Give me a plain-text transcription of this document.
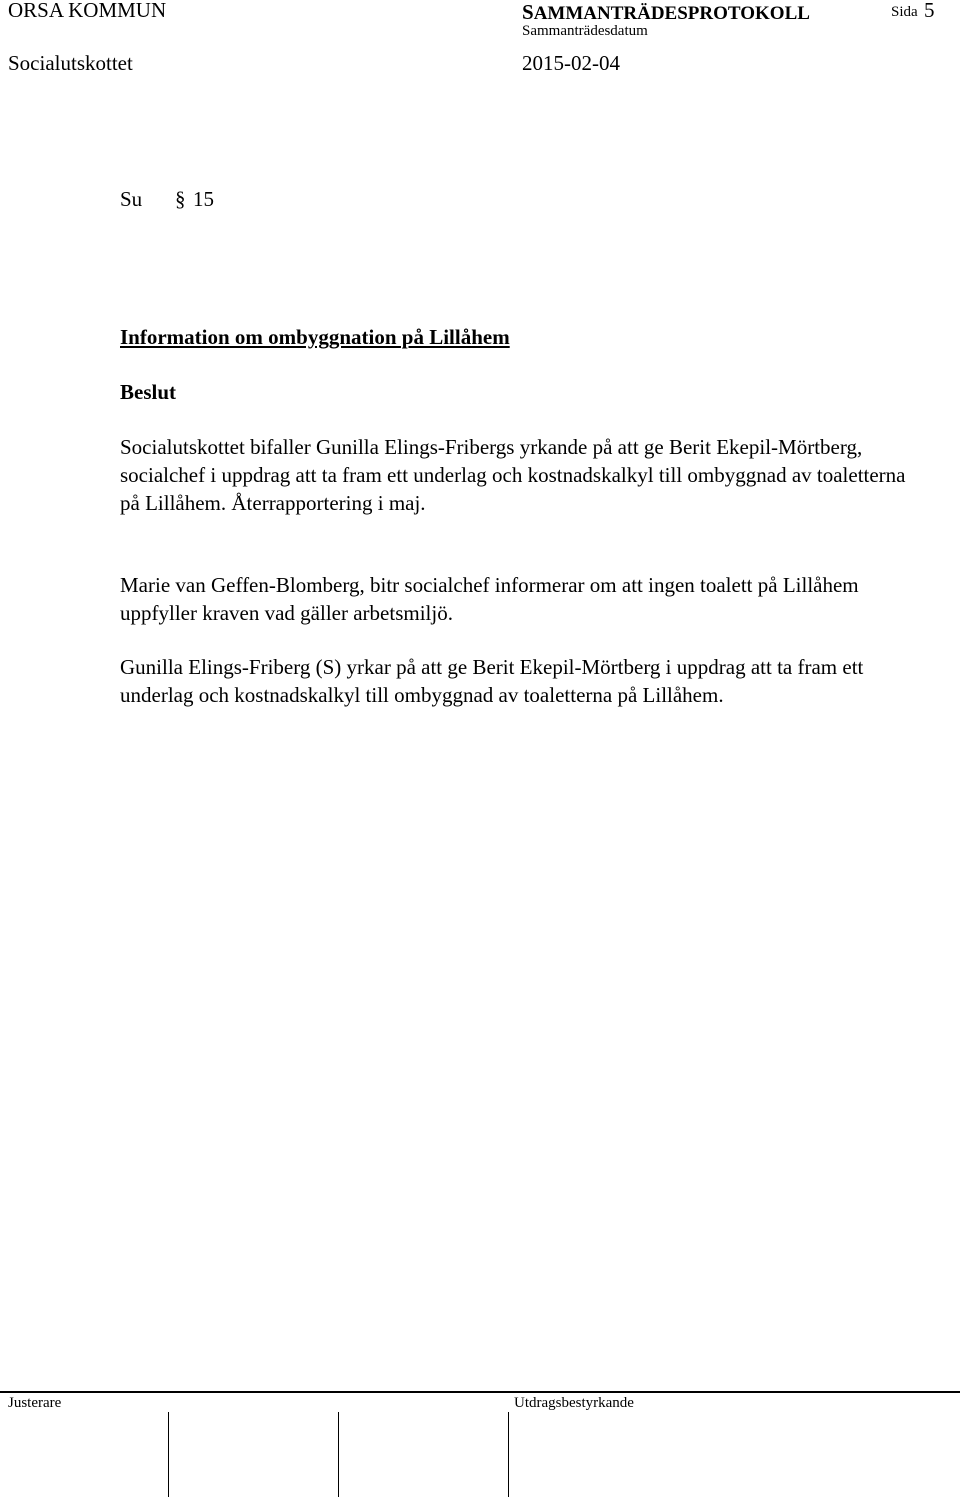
ORSA KOMMUN	SAMMANTRÄDESPROTOKOLL	Sida 5
Sammanträdesdatum
Socialutskottet	2015-02-04
Su § 15
Information om ombyggnation på Lillåhem
Beslut

Socialutskottet bifaller Gunilla Elings-Fribergs yrkande på att ge Berit Ekepil-Mörtberg, socialchef i uppdrag att ta fram ett underlag och kostnadskalkyl till ombyggnad av toaletterna på Lillåhem. Återrapportering i maj.

Marie van Geffen-Blomberg, bitr socialchef informerar om att ingen toalett på Lillåhem uppfyller kraven vad gäller arbetsmiljö.

Gunilla Elings-Friberg (S) yrkar på att ge Berit Ekepil-Mörtberg i uppdrag att ta fram ett underlag och kostnadskalkyl till ombyggnad av toaletterna på Lillåhem.

Justerare	Utdragsbestyrkande
